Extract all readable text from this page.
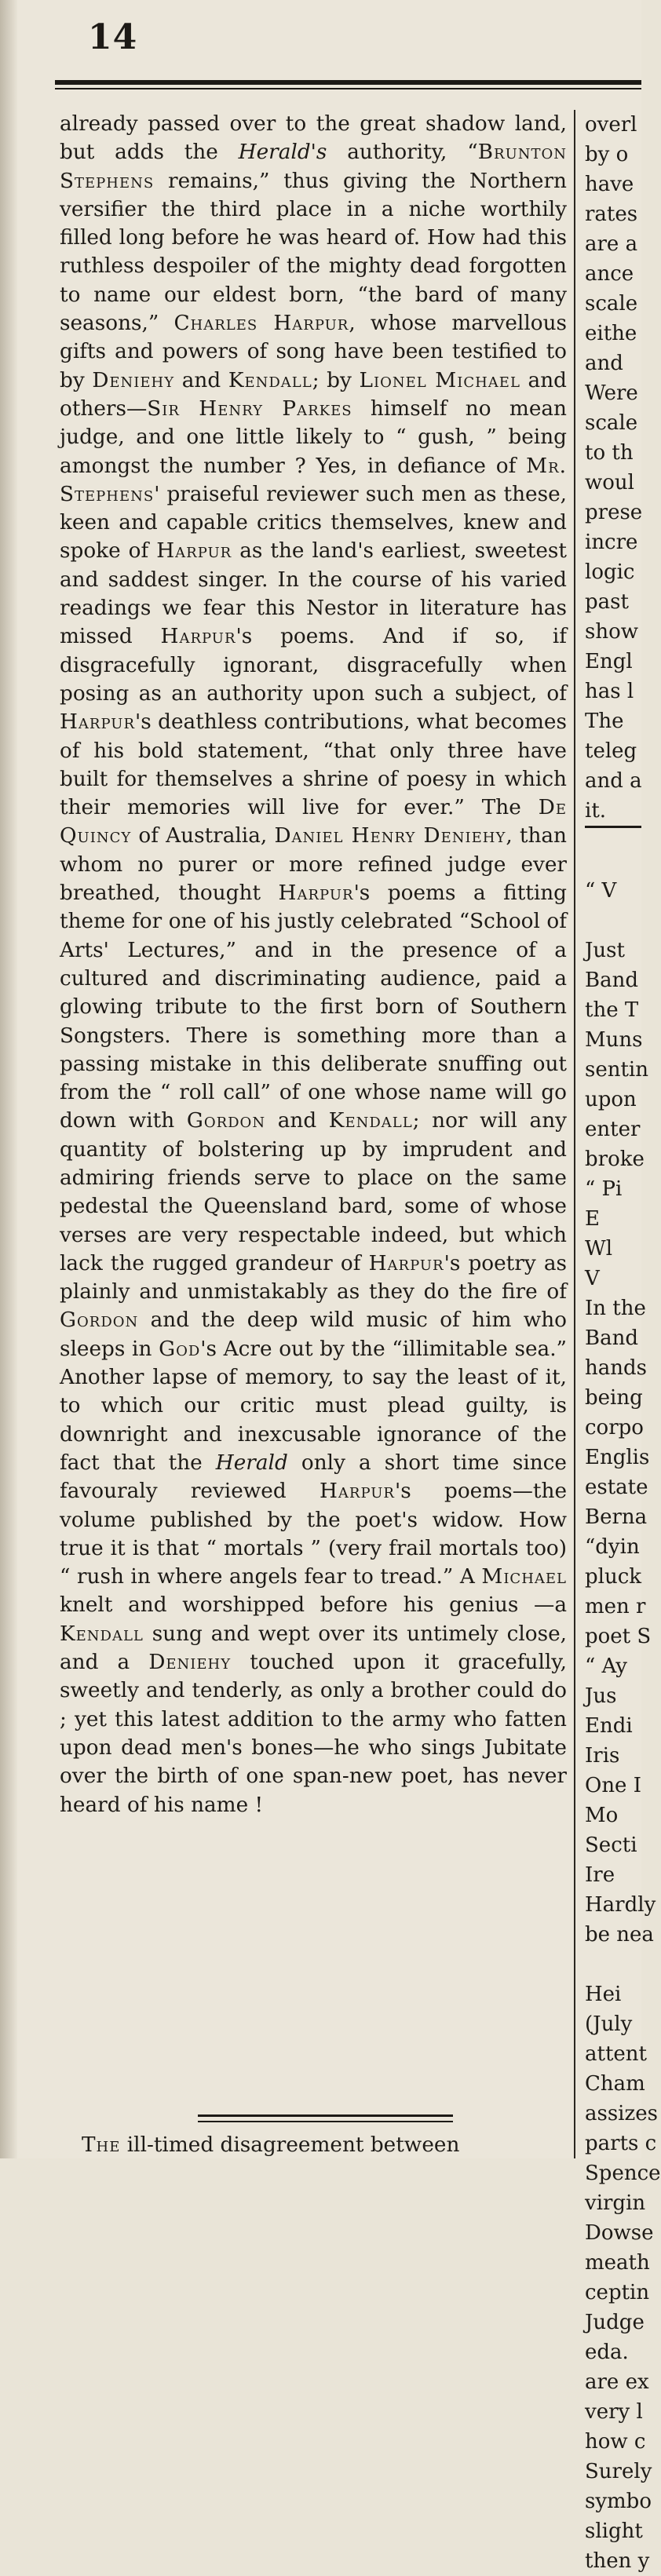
14

already passed over to the great shadow land, but adds the Herald's authority, “Brunton Stephens remains,” thus giving the Northern versifier the third place in a niche worthily filled long before he was heard of. How had this ruthless despoiler of the mighty dead forgotten to name our eldest born, “the bard of many seasons,” Charles Harpur, whose marvellous gifts and powers of song have been testified to by Deniehy and Kendall; by Lionel Michael and others—Sir Henry Parkes himself no mean judge, and one little likely to “ gush, ” being amongst the number ? Yes, in defiance of Mr. Stephens' praiseful reviewer such men as these, keen and capable critics themselves, knew and spoke of Harpur as the land's earliest, sweetest and saddest singer. In the course of his varied readings we fear this Nestor in literature has missed Harpur's poems. And if so, if disgracefully ignorant, disgracefully when posing as an authority upon such a subject, of Harpur's deathless contributions, what becomes of his bold statement, “that only three have built for themselves a shrine of poesy in which their memories will live for ever.” The De Quincy of Australia, Daniel Henry Deniehy, than whom no purer or more refined judge ever breathed, thought Harpur's poems a fitting theme for one of his justly celebrated “School of Arts' Lectures,” and in the presence of a cultured and discriminating audience, paid a glowing tribute to the first born of Southern Songsters. There is something more than a passing mistake in this deliberate snuffing out from the “ roll call” of one whose name will go down with Gordon and Kendall; nor will any quantity of bolstering up by imprudent and admiring friends serve to place on the same pedestal the Queensland bard, some of whose verses are very respectable indeed, but which lack the rugged grandeur of Harpur's poetry as plainly and unmistakably as they do the fire of Gordon and the deep wild music of him who sleeps in God's Acre out by the “illimitable sea.” Another lapse of memory, to say the least of it, to which our critic must plead guilty, is downright and inexcusable ignorance of the fact that the Herald only a short time since favouraly reviewed Harpur's poems—the volume published by the poet's widow. How true it is that “ mortals ” (very frail mortals too) “ rush in where angels fear to tread.” A Michael knelt and worshipped before his genius —a Kendall sung and wept over its untimely close, and a Deniehy touched upon it gracefully, sweetly and tenderly, as only a brother could do ; yet this latest addition to the army who fatten upon dead men's bones—he who sings Jubitate over the birth of one span-new poet, has never heard of his name !

The ill-timed disagreement between
overl
by o
have
rates
are a
ance
scale
eithe
and
Were
scale
to th
woul
prese
incre
logic
past
show
Engl
has l
The
teleg
and a
it.
“ V
Just
Band
the T
Muns
sentin
upon
enter
broke
“ Pi
E
Wl
V
In the
Band
hands
being
corpo
Englis
estate
Berna
“dyin
pluck
men r
poet S
“ Ay
Jus
Endi
Iris
One I
Mo
Secti
Ire
Hardly
be nea
Hei
(July
attent
Cham
assizes
parts c
Spence
virgin
Dowse
meath
ceptin
Judge
eda.
are ex
very l
how c
Surely
symbo
slight
then y
